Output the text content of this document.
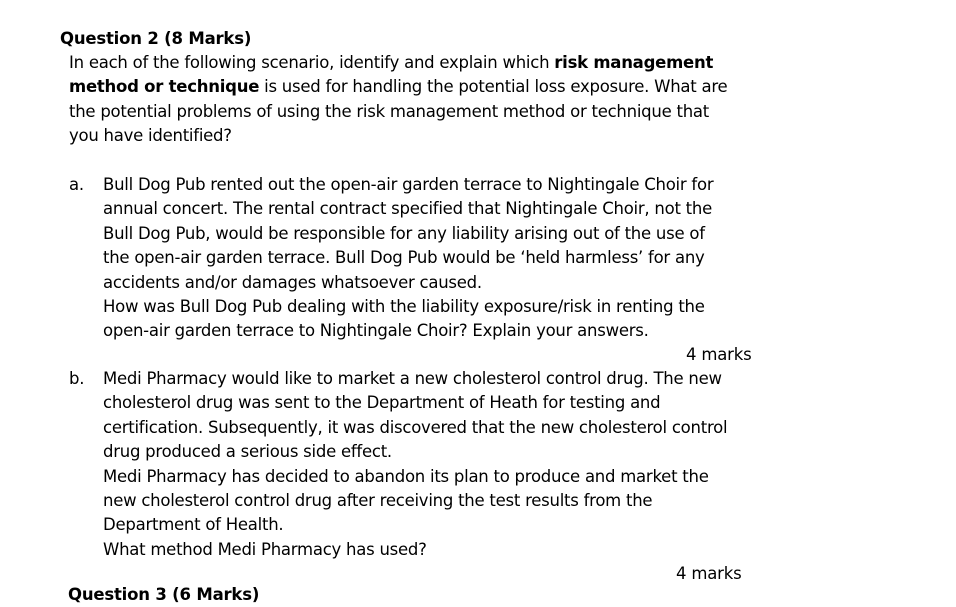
Question 2 (8 Marks)

In each of the following scenario, identify and explain which risk management

method or technique is used for handling the potential loss exposure. What are

the potential problems of using the risk management method or technique that

you have identified?

a. Bull Dog Pub rented out the open-air garden terrace to Nightingale Choir for

annual concert. The rental contract specified that Nightingale Choir, not the

Bull Dog Pub, would be responsible for any liability arising out of the use of

the open-air garden terrace. Bull Dog Pub would be ‘held harmless’ for any

accidents and/or damages whatsoever caused.

How was Bull Dog Pub dealing with the liability exposure/risk in renting the

open-air garden terrace to Nightingale Choir? Explain your answers.

4 marks
b. Medi Pharmacy would like to market a new cholesterol control drug. The new

cholesterol drug was sent to the Department of Heath for testing and

certification. Subsequently, it was discovered that the new cholesterol control

drug produced a serious side effect.

Medi Pharmacy has decided to abandon its plan to produce and market the

new cholesterol control drug after receiving the test results from the

Department of Health.

What method Medi Pharmacy has used?

4 marks
Question 3 (6 Marks)
